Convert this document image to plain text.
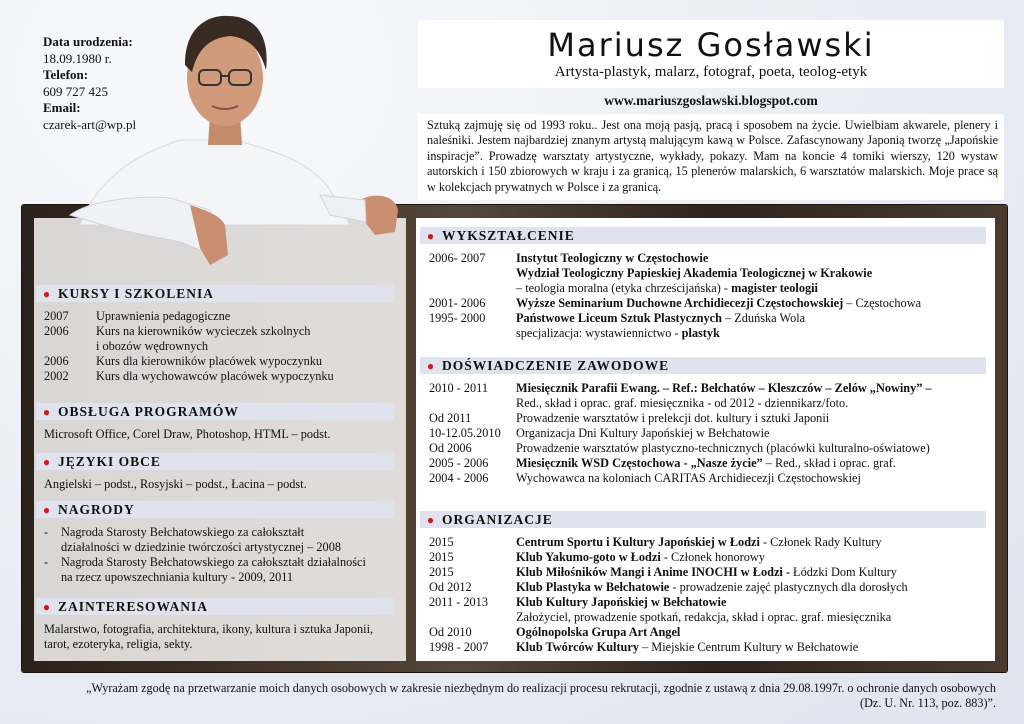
Data urodzenia:
18.09.1980 r.
Telefon:
609 727 425
Email:
czarek-art@wp.pl
Mariusz Gosławski
Artysta-plastyk, malarz, fotograf, poeta, teolog-etyk
www.mariuszgoslawski.blogspot.com
Sztuką zajmuję się od 1993 roku.. Jest ona moją pasją, pracą i sposobem na życie. Uwielbiam akwarele, plenery i naleśniki. Jestem najbardziej znanym artystą malującym kawą w Polsce. Zafascynowany Japonią tworzę „Japońskie inspiracje”. Prowadzę warsztaty artystyczne, wykłady, pokazy. Mam na koncie 4 tomiki wierszy, 120 wystaw autorskich i 150 zbiorowych w kraju i za granicą, 15 plenerów malarskich, 6 warsztatów malarskich. Moje prace są w kolekcjach prywatnych w Polsce i za granicą.
● KURSY I SZKOLENIA
2007 Uprawnienia pedagogiczne
2006 Kurs na kierowników wycieczek szkolnych
i obozów wędrownych
2006 Kurs dla kierowników placówek wypoczynku
2002 Kurs dla wychowawców placówek wypoczynku
● OBSŁUGA PROGRAMÓW
Microsoft Office, Corel Draw, Photoshop, HTML – podst.
● JĘZYKI OBCE
Angielski – podst., Rosyjski – podst., Łacina – podst.
● NAGRODY
- Nagroda Starosty Bełchatowskiego za całokształt
działalności w dziedzinie twórczości artystycznej – 2008
- Nagroda Starosty Bełchatowskiego za całokształt działalności
na rzecz upowszechniania kultury - 2009, 2011
● ZAINTERESOWANIA
Malarstwo, fotografia, architektura, ikony, kultura i sztuka Japonii,
tarot, ezoteryka, religia, sekty.
● WYKSZTAŁCENIE
2006- 2007 Instytut Teologiczny w Częstochowie
Wydział Teologiczny Papieskiej Akademia Teologicznej w Krakowie
– teologia moralna (etyka chrześcijańska) - magister teologii
2001- 2006 Wyższe Seminarium Duchowne Archidiecezji Częstochowskiej – Częstochowa
1995- 2000 Państwowe Liceum Sztuk Plastycznych – Zduńska Wola
specjalizacja: wystawiennictwo - plastyk
● DOŚWIADCZENIE ZAWODOWE
2010 - 2011 Miesięcznik Parafii Ewang. – Ref.: Bełchatów – Kleszczów – Zelów „Nowiny” –
Red., skład i oprac. graf. miesięcznika - od 2012 - dziennikarz/foto.
Od 2011	Prowadzenie warsztatów i prelekcji dot. kultury i sztuki Japonii
10-12.05.2010 Organizacja Dni Kultury Japońskiej w Bełchatowie
Od 2006	Prowadzenie warsztatów plastyczno-technicznych (placówki kulturalno-oświatowe)
2005 - 2006 Miesięcznik WSD Częstochowa - „Nasze życie” – Red., skład i oprac. graf.
2004 - 2006 Wychowawca na koloniach CARITAS Archidiecezji Częstochowskiej
● ORGANIZACJE
2015	Centrum Sportu i Kultury Japońskiej w Łodzi - Członek Rady Kultury
2015	Klub Yakumo-goto w Łodzi - Członek honorowy
2015	Klub Miłośników Mangi i Anime INOCHI w Łodzi - Łódzki Dom Kultury
Od 2012	Klub Plastyka w Bełchatowie - prowadzenie zajęć plastycznych dla dorosłych
2011 - 2013 Klub Kultury Japońskiej w Bełchatowie
Założyciel, prowadzenie spotkań, redakcja, skład i oprac. graf. miesięcznika
Od 2010	Ogólnopolska Grupa Art Angel
1998 - 2007 Klub Twórców Kultury – Miejskie Centrum Kultury w Bełchatowie
„Wyrażam zgodę na przetwarzanie moich danych osobowych w zakresie niezbędnym do realizacji procesu rekrutacji, zgodnie z ustawą z dnia 29.08.1997r. o ochronie danych osobowych
(Dz. U. Nr. 113, poz. 883)”.
